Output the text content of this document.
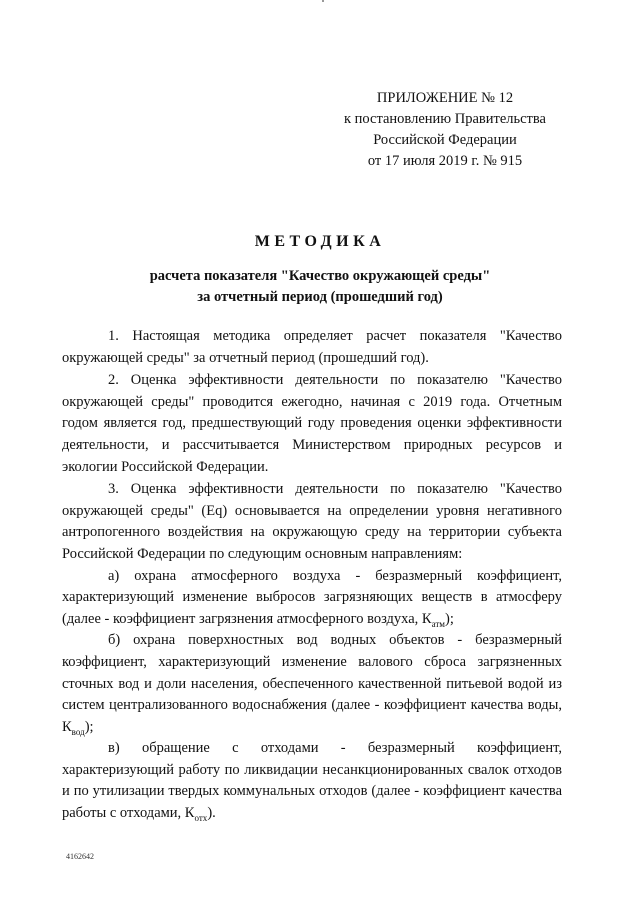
ПРИЛОЖЕНИЕ № 12
к постановлению Правительства
Российской Федерации
от 17 июля 2019 г. № 915
МЕТОДИКА
расчета показателя "Качество окружающей среды"
за отчетный период (прошедший год)

1. Настоящая методика определяет расчет показателя "Качество окружающей среды" за отчетный период (прошедший год).

2. Оценка эффективности деятельности по показателю "Качество окружающей среды" проводится ежегодно, начиная с 2019 года. Отчетным годом является год, предшествующий году проведения оценки эффективности деятельности, и рассчитывается Министерством природных ресурсов и экологии Российской Федерации.

3. Оценка эффективности деятельности по показателю "Качество окружающей среды" (Eq) основывается на определении уровня негативного антропогенного воздействия на окружающую среду на территории субъекта Российской Федерации по следующим основным направлениям:

а) охрана атмосферного воздуха - безразмерный коэффициент, характеризующий изменение выбросов загрязняющих веществ в атмосферу (далее - коэффициент загрязнения атмосферного воздуха, $К_{атм}$);

б) охрана поверхностных вод водных объектов - безразмерный коэффициент, характеризующий изменение валового сброса загрязненных сточных вод и доли населения, обеспеченного качественной питьевой водой из систем централизованного водоснабжения (далее - коэффициент качества воды, $К_{вод}$);

в) обращение с отходами - безразмерный коэффициент, характеризующий работу по ликвидации несанкционированных свалок отходов и по утилизации твердых коммунальных отходов (далее - коэффициент качества работы с отходами, $К_{отх}$).

4162642
